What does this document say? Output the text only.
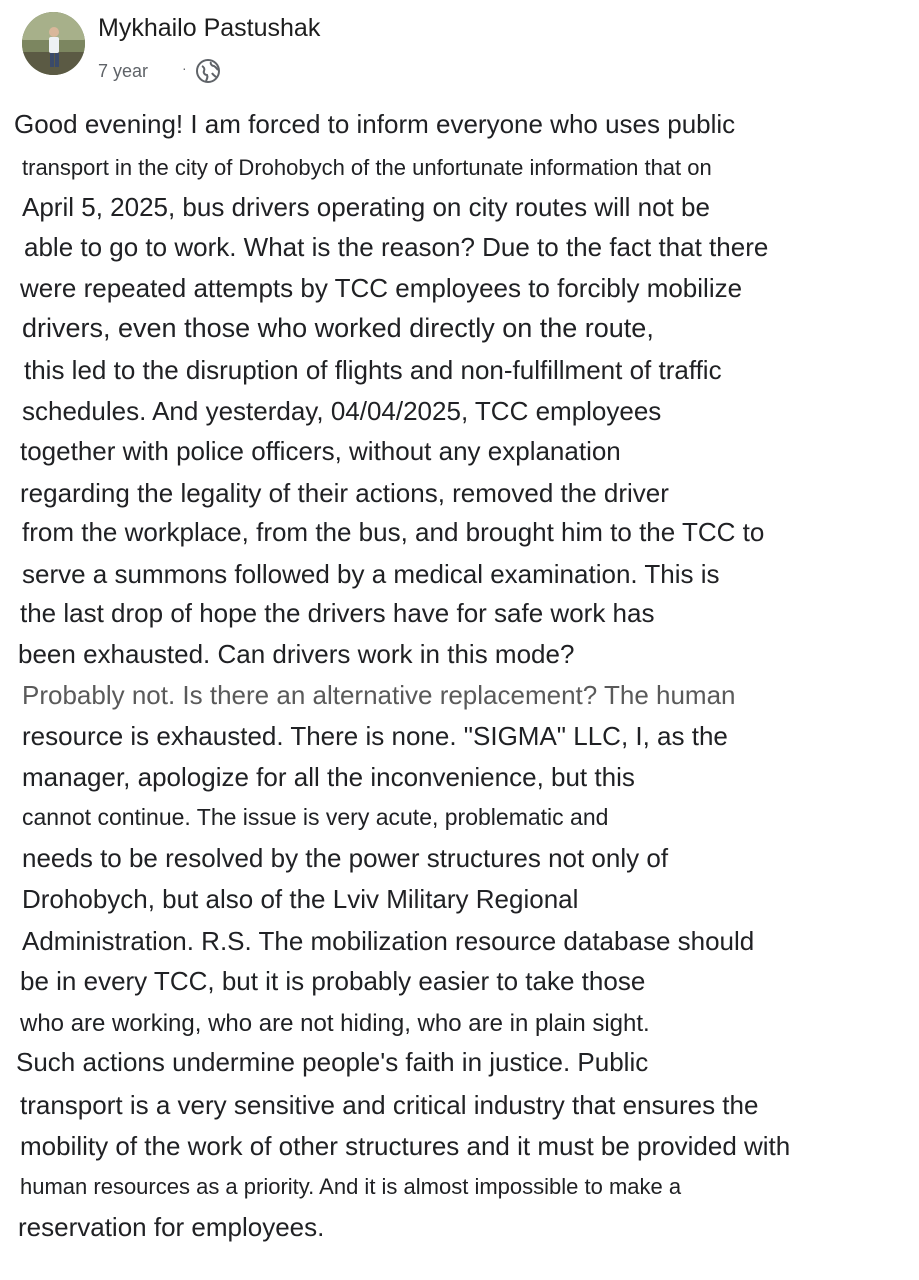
Mykhailo Pastushak
7 year ·
Good evening! I am forced to inform everyone who uses public
transport in the city of Drohobych of the unfortunate information that on
April 5, 2025, bus drivers operating on city routes will not be
able to go to work. What is the reason? Due to the fact that there
were repeated attempts by TCC employees to forcibly mobilize
drivers, even those who worked directly on the route,
this led to the disruption of flights and non-fulfillment of traffic
schedules. And yesterday, 04/04/2025, TCC employees
together with police officers, without any explanation
regarding the legality of their actions, removed the driver
from the workplace, from the bus, and brought him to the TCC to
serve a summons followed by a medical examination. This is
the last drop of hope the drivers have for safe work has
been exhausted. Can drivers work in this mode?
Probably not. Is there an alternative replacement? The human
resource is exhausted. There is none. "SIGMA" LLC, I, as the
manager, apologize for all the inconvenience, but this
cannot continue. The issue is very acute, problematic and
needs to be resolved by the power structures not only of
Drohobych, but also of the Lviv Military Regional
Administration. R.S. The mobilization resource database should
be in every TCC, but it is probably easier to take those
who are working, who are not hiding, who are in plain sight.
Such actions undermine people's faith in justice. Public
transport is a very sensitive and critical industry that ensures the
mobility of the work of other structures and it must be provided with
human resources as a priority. And it is almost impossible to make a
reservation for employees.
